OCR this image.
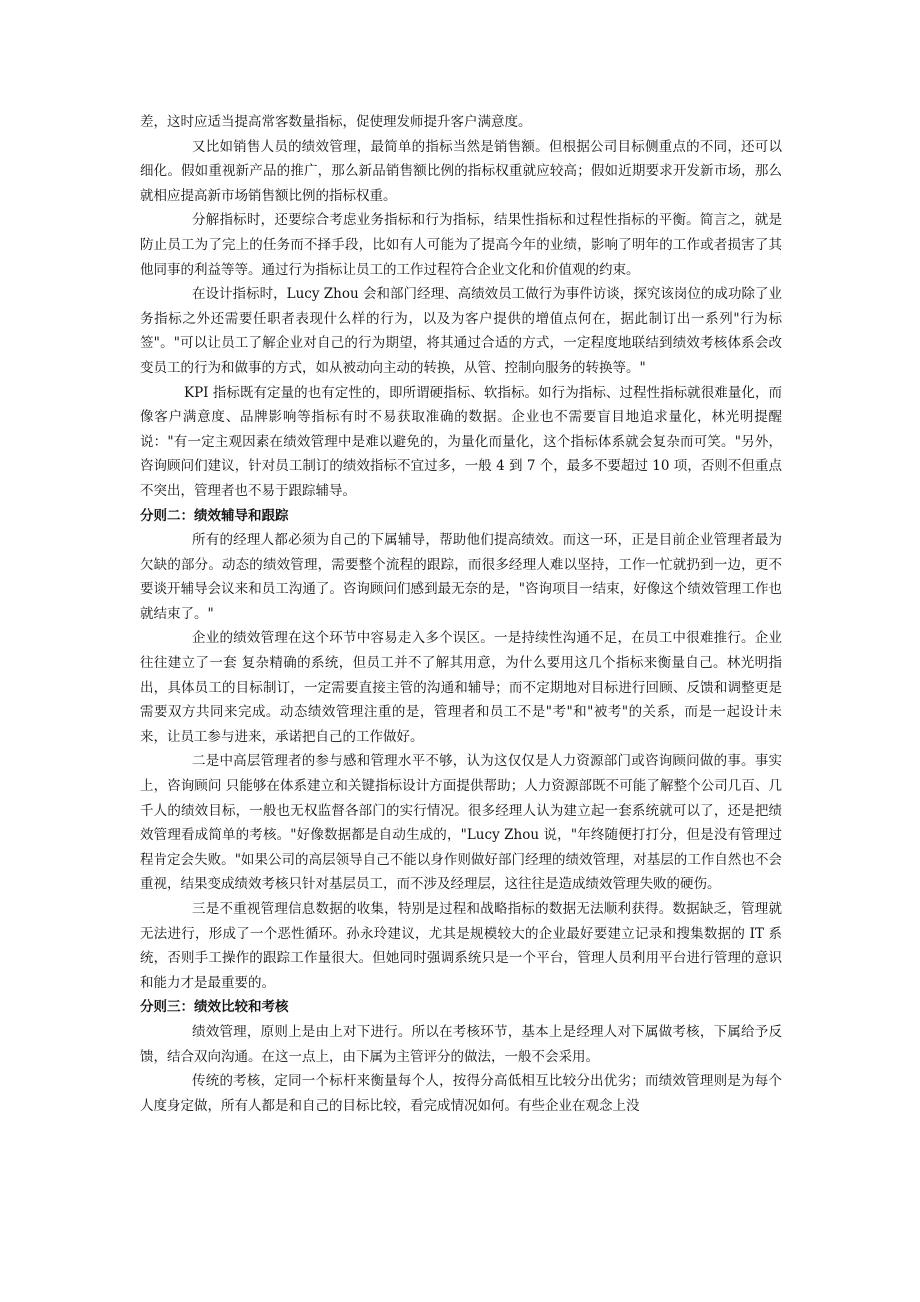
差，这时应适当提高常客数量指标，促使理发师提升客户满意度。

又比如销售人员的绩效管理，最简单的指标当然是销售额。但根据公司目标侧重点的不同，还可以细化。假如重视新产品的推广，那么新品销售额比例的指标权重就应较高；假如近期要求开发新市场，那么就相应提高新市场销售额比例的指标权重。

分解指标时，还要综合考虑业务指标和行为指标，结果性指标和过程性指标的平衡。简言之，就是防止员工为了完上的任务而不择手段，比如有人可能为了提高今年的业绩，影响了明年的工作或者损害了其他同事的利益等等。通过行为指标让员工的工作过程符合企业文化和价值观的约束。

在设计指标时，Lucy Zhou 会和部门经理、高绩效员工做行为事件访谈，探究该岗位的成功除了业务指标之外还需要任职者表现什么样的行为，以及为客户提供的增值点何在，据此制订出一系列"行为标签"。"可以让员工了解企业对自己的行为期望，将其通过合适的方式，一定程度地联结到绩效考核体系会改变员工的行为和做事的方式，如从被动向主动的转换，从管、控制向服务的转换等。"

KPI 指标既有定量的也有定性的，即所谓硬指标、软指标。如行为指标、过程性指标就很难量化，而像客户满意度、品牌影响等指标有时不易获取准确的数据。企业也不需要盲目地追求量化，林光明提醒说："有一定主观因素在绩效管理中是难以避免的，为量化而量化，这个指标体系就会复杂而可笑。"另外，咨询顾问们建议，针对员工制订的绩效指标不宜过多，一般 4 到 7 个，最多不要超过 10 项，否则不但重点不突出，管理者也不易于跟踪辅导。

分则二：绩效辅导和跟踪

所有的经理人都必须为自己的下属辅导，帮助他们提高绩效。而这一环，正是目前企业管理者最为欠缺的部分。动态的绩效管理，需要整个流程的跟踪，而很多经理人难以坚持，工作一忙就扔到一边，更不要谈开辅导会议来和员工沟通了。咨询顾问们感到最无奈的是，"咨询项目一结束，好像这个绩效管理工作也就结束了。"

企业的绩效管理在这个环节中容易走入多个误区。一是持续性沟通不足，在员工中很难推行。企业往往建立了一套 复杂精确的系统，但员工并不了解其用意，为什么要用这几个指标来衡量自己。林光明指出，具体员工的目标制订，一定需要直接主管的沟通和辅导；而不定期地对目标进行回顾、反馈和调整更是需要双方共同来完成。动态绩效管理注重的是，管理者和员工不是"考"和"被考"的关系，而是一起设计未来，让员工参与进来，承诺把自己的工作做好。

二是中高层管理者的参与感和管理水平不够，认为这仅仅是人力资源部门或咨询顾问做的事。事实上，咨询顾问 只能够在体系建立和关键指标设计方面提供帮助；人力资源部既不可能了解整个公司几百、几千人的绩效目标，一般也无权监督各部门的实行情况。很多经理人认为建立起一套系统就可以了，还是把绩效管理看成简单的考核。"好像数据都是自动生成的，"Lucy Zhou 说，"年终随便打打分，但是没有管理过程肯定会失败。"如果公司的高层领导自己不能以身作则做好部门经理的绩效管理，对基层的工作自然也不会重视，结果变成绩效考核只针对基层员工，而不涉及经理层，这往往是造成绩效管理失败的硬伤。

三是不重视管理信息数据的收集，特别是过程和战略指标的数据无法顺利获得。数据缺乏，管理就无法进行，形成了一个恶性循环。孙永玲建议，尤其是规模较大的企业最好要建立记录和搜集数据的 IT 系统，否则手工操作的跟踪工作量很大。但她同时强调系统只是一个平台，管理人员利用平台进行管理的意识和能力才是最重要的。

分则三：绩效比较和考核

绩效管理，原则上是由上对下进行。所以在考核环节，基本上是经理人对下属做考核，下属给予反馈，结合双向沟通。在这一点上，由下属为主管评分的做法，一般不会采用。

传统的考核，定同一个标杆来衡量每个人，按得分高低相互比较分出优劣；而绩效管理则是为每个人度身定做，所有人都是和自己的目标比较，看完成情况如何。有些企业在观念上没
